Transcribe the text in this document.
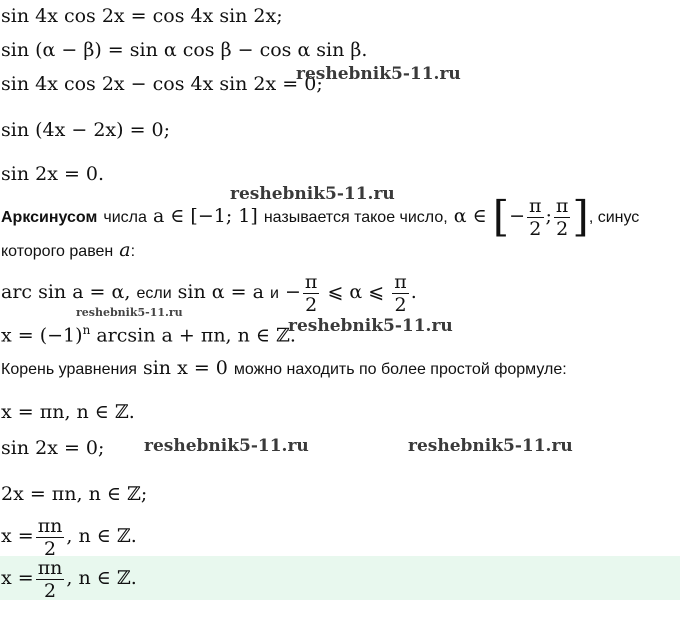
sin 4x cos 2x = cos 4x sin 2x;
sin (α − β) = sin α cos β − cos α sin β.
sin 4x cos 2x − cos 4x sin 2x = 0;
reshebnik5-11.ru
sin (4x − 2x) = 0;
sin 2x = 0.
reshebnik5-11.ru
Арксинусом числа a ∈ [−1; 1] называется такое число, α ∈ [− $\frac{\pi}{2}$ ; $\frac{\pi}{2}$ ], синус
которого равен a:
arc sin a = α, если sin α = a $и - \frac{\pi}{2}$ ⩽ α ⩽ $\frac{\pi}{2}$ .
reshebnik5-11.ru
$x = (-1)^n$ arcsin a + πn, n ∈ ℤ.
reshebnik5-11.ru
Корень уравнения sin x = 0 можно находить по более простой формуле:
x = πn, n ∈ ℤ.
sin 2x = 0; reshebnik5-11.ru	reshebnik5-11.ru
2x = πn, n ∈ ℤ;
$x = \frac{\pi n}{2}$ , n ∈ ℤ.
$x = \frac{\pi n}{2}$ , n ∈ ℤ.
